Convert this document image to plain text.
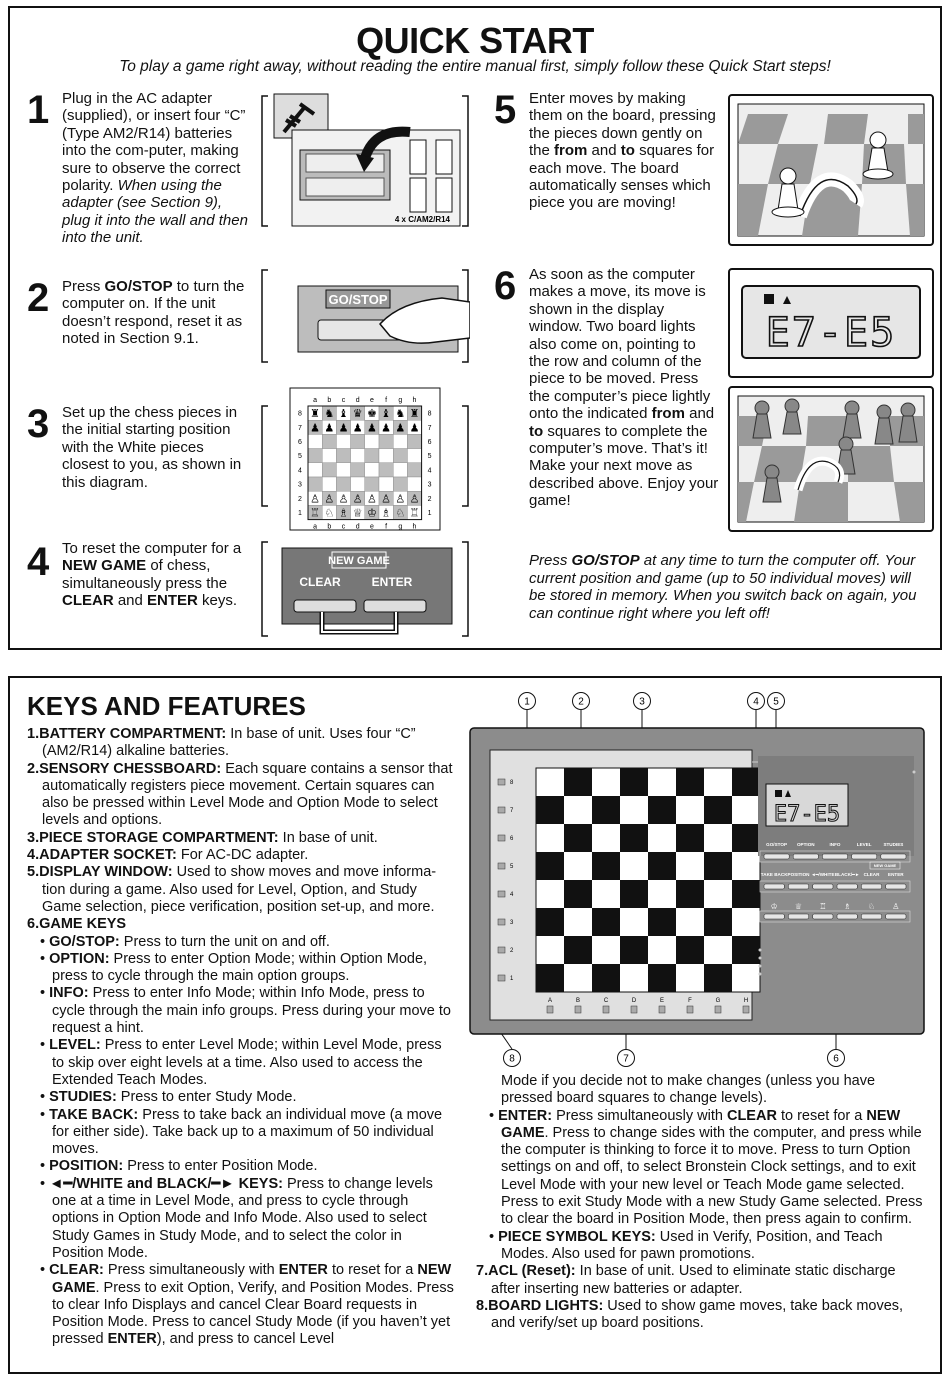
QUICK START
To play a game right away, without reading the entire manual first, simply follow these Quick Start steps!
1 Plug in the AC adapter (supplied), or insert four “C” (Type AM2/R14) batteries into the com-puter, making sure to observe the correct polarity. When using the adapter (see Section 9), plug it into the wall and then into the unit.
4 x C/AM2/R14
2 Press GO/STOP to turn the computer on. If the unit doesn’t respond, reset it as noted in Section 9.1.
GO/STOP
3 Set up the chess pieces in the initial starting position with the White pieces closest to you, as shown in this diagram.
♜ ♞ ♝ ♛ ♚ ♝ ♞ ♜
♟ ♟ ♟ ♟ ♟ ♟ ♟ ♟
♙ ♙ ♙ ♙ ♙ ♙ ♙ ♙
♖ ♘ ♗ ♕ ♔ ♗ ♘ ♖
a
a
b
b
c
c
d
d
e
e
f
f
g
g
h
h
8	8
7	7
6	6
5	5
4	4
3	3
2	2
1	1
4 To reset the computer for a NEW GAME of chess, simultaneously press the CLEAR and ENTER keys.
NEW GAME
CLEAR	ENTER
5 Enter moves by making them on the board, pressing the pieces down gently on the from and to squares for each move. The board automatically senses which piece you are moving!
6 As soon as the computer makes a move, its move is shown in the display window. Two board lights also come on, pointing to the row and column of the piece to be moved. Press the computer’s piece lightly onto the indicated from and to squares to complete the computer’s move. That’s it!
Make your next move as described above. Enjoy your game!
E7-E5
Press GO/STOP at any time to turn the computer off. Your current position and game (up to 50 individual moves) will be stored in memory. When you switch back on again, you can continue right where you left off!
KEYS AND FEATURES
1.BATTERY COMPARTMENT: In base of unit. Uses four “C” (AM2/R14) alkaline batteries.
2.SENSORY CHESSBOARD: Each square contains a sensor that automatically registers piece movement. Certain squares can also be pressed within Level Mode and Option Mode to select levels and options.
3.PIECE STORAGE COMPARTMENT: In base of unit.
4.ADAPTER SOCKET: For AC-DC adapter.
5.DISPLAY WINDOW: Used to show moves and move informa-tion during a game. Also used for Level, Option, and Study Game selection, piece verification, position set-up, and more.
6.GAME KEYS
• GO/STOP: Press to turn the unit on and off.
• OPTION: Press to enter Option Mode; within Option Mode, press to cycle through the main option groups.
• INFO: Press to enter Info Mode; within Info Mode, press to cycle through the main info groups. Press during your move to request a hint.
• LEVEL: Press to enter Level Mode; within Level Mode, press to skip over eight levels at a time. Also used to access the Extended Teach Modes.
• STUDIES: Press to enter Study Mode.
• TAKE BACK: Press to take back an individual move (a move for either side). Take back up to a maximum of 50 individual moves.
• POSITION: Press to enter Position Mode.
• ◄━/WHITE and BLACK/━► KEYS: Press to change levels one at a time in Level Mode, and press to cycle through options in Option Mode and Info Mode. Also used to select Study Games in Study Mode, and to select the color in Position Mode.
• CLEAR: Press simultaneously with ENTER to reset for a NEW GAME. Press to exit Option, Verify, and Position Modes. Press to clear Info Displays and cancel Clear Board requests in Position Mode. Press to cancel Study Mode (if you haven’t yet pressed ENTER), and press to cancel Level
Mode if you decide not to make changes (unless you have pressed board squares to change levels).
• ENTER: Press simultaneously with CLEAR to reset for a NEW GAME. Press to change sides with the computer, and press while the computer is thinking to force it to move. Press to turn Option settings on and off, to select Bronstein Clock settings, and to exit Level Mode with your new level or Teach Mode game selected. Press to exit Study Mode with a new Study Game selected. Press to clear the board in Position Mode, then press again to confirm.
• PIECE SYMBOL KEYS: Used in Verify, Position, and Teach Modes. Also used for pawn promotions.
7.ACL (Reset): In base of unit. Used to eliminate static discharge after inserting new batteries or adapter.
8.BOARD LIGHTS: Used to show game moves, take back moves, and verify/set up board positions.
8
7
6
5
4
3
2
1
A	B	C	D	E	F	G	H
E7-E5
GO/STOP OPTION	INFO	LEVEL	STUDIES
NEW GAME
TAKE BACK POSITION ◄━/WHITE BLACK/━► CLEAR ENTER
♔ ♕ ♖ ♗ ♘ ♙
1	2	3	4 5
6
7
8
